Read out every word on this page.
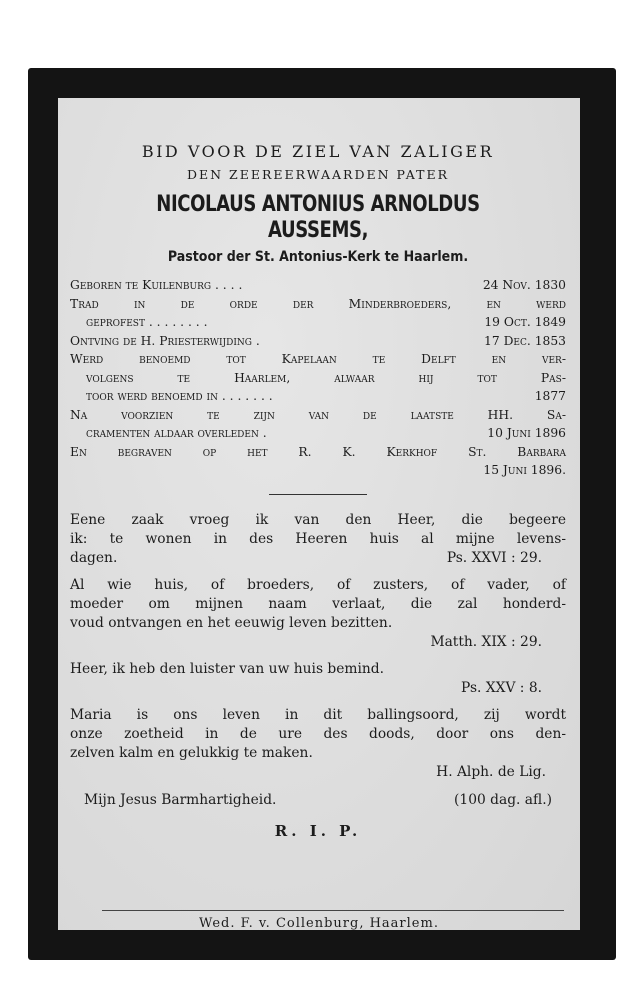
BID VOOR DE ZIEL VAN ZALIGER

DEN ZEEREERWAARDEN PATER

NICOLAUS ANTONIUS ARNOLDUS AUSSEMS,

Pastoor der St. Antonius-Kerk te Haarlem.

Geboren te Kuilenburg . . . .	24 Nov. 1830
Trad in de orde der Minderbroeders, en werd
geprofest . . . . . . . .	19 Oct. 1849
Ontving de H. Priesterwijding .	17 Dec. 1853
Werd benoemd tot Kapelaan te Delft en ver-
volgens te Haarlem, alwaar hij tot Pas-
toor werd benoemd in . . . . . . .	1877
Na voorzien te zijn van de laatste HH. Sa-
cramenten aldaar overleden .	10 Juni 1896
En begraven op het R. K. Kerkhof St. Barbara
15 Juni 1896.
Eene zaak vroeg ik van den Heer, die begeere
ik: te wonen in des Heeren huis al mijne levens-
dagen.	Ps. XXVI : 29.
Al wie huis, of broeders, of zusters, of vader, of
moeder om mijnen naam verlaat, die zal honderd-
voud ontvangen en het eeuwig leven bezitten.
Matth. XIX : 29.
Heer, ik heb den luister van uw huis bemind.
Ps. XXV : 8.
Maria is ons leven in dit ballingsoord, zij wordt
onze zoetheid in de ure des doods, door ons den-
zelven kalm en gelukkig te maken.
H. Alph. de Lig.
Mijn Jesus Barmhartigheid.	(100 dag. afl.)
R. I. P.
Wed. F. v. Collenburg, Haarlem.
